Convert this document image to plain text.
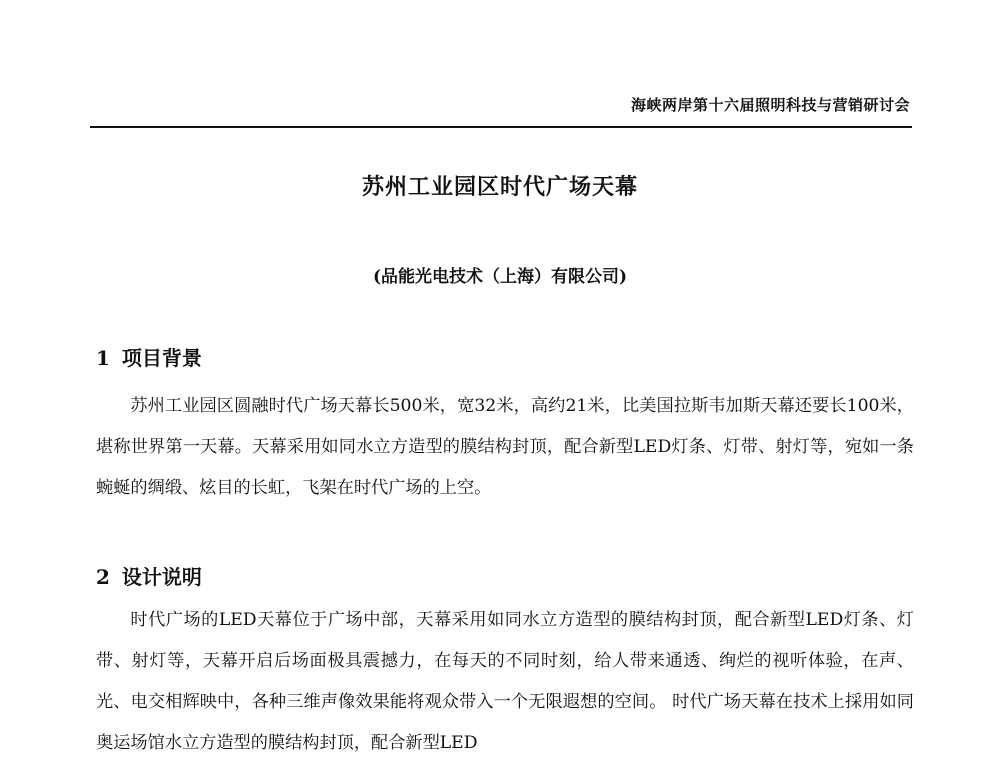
海峡两岸第十六届照明科技与营销研讨会
苏州工业园区时代广场天幕
(品能光电技术（上海）有限公司)
1 项目背景

苏州工业园区圆融时代广场天幕长500米，宽32米，高约21米，比美国拉斯韦加斯天幕还要长100米，堪称世界第一天幕。天幕采用如同水立方造型的膜结构封顶，配合新型LED灯条、灯带、射灯等，宛如一条蜿蜒的绸缎、炫目的长虹，飞架在时代广场的上空。

2 设计说明

时代广场的LED天幕位于广场中部，天幕采用如同水立方造型的膜结构封顶，配合新型LED灯条、灯带、射灯等，天幕开启后场面极具震撼力，在每天的不同时刻，给人带来通透、绚烂的视听体验，在声、光、电交相辉映中，各种三维声像效果能将观众带入一个无限遐想的空间。 时代广场天幕在技术上採用如同奥运场馆水立方造型的膜结构封顶，配合新型LED
